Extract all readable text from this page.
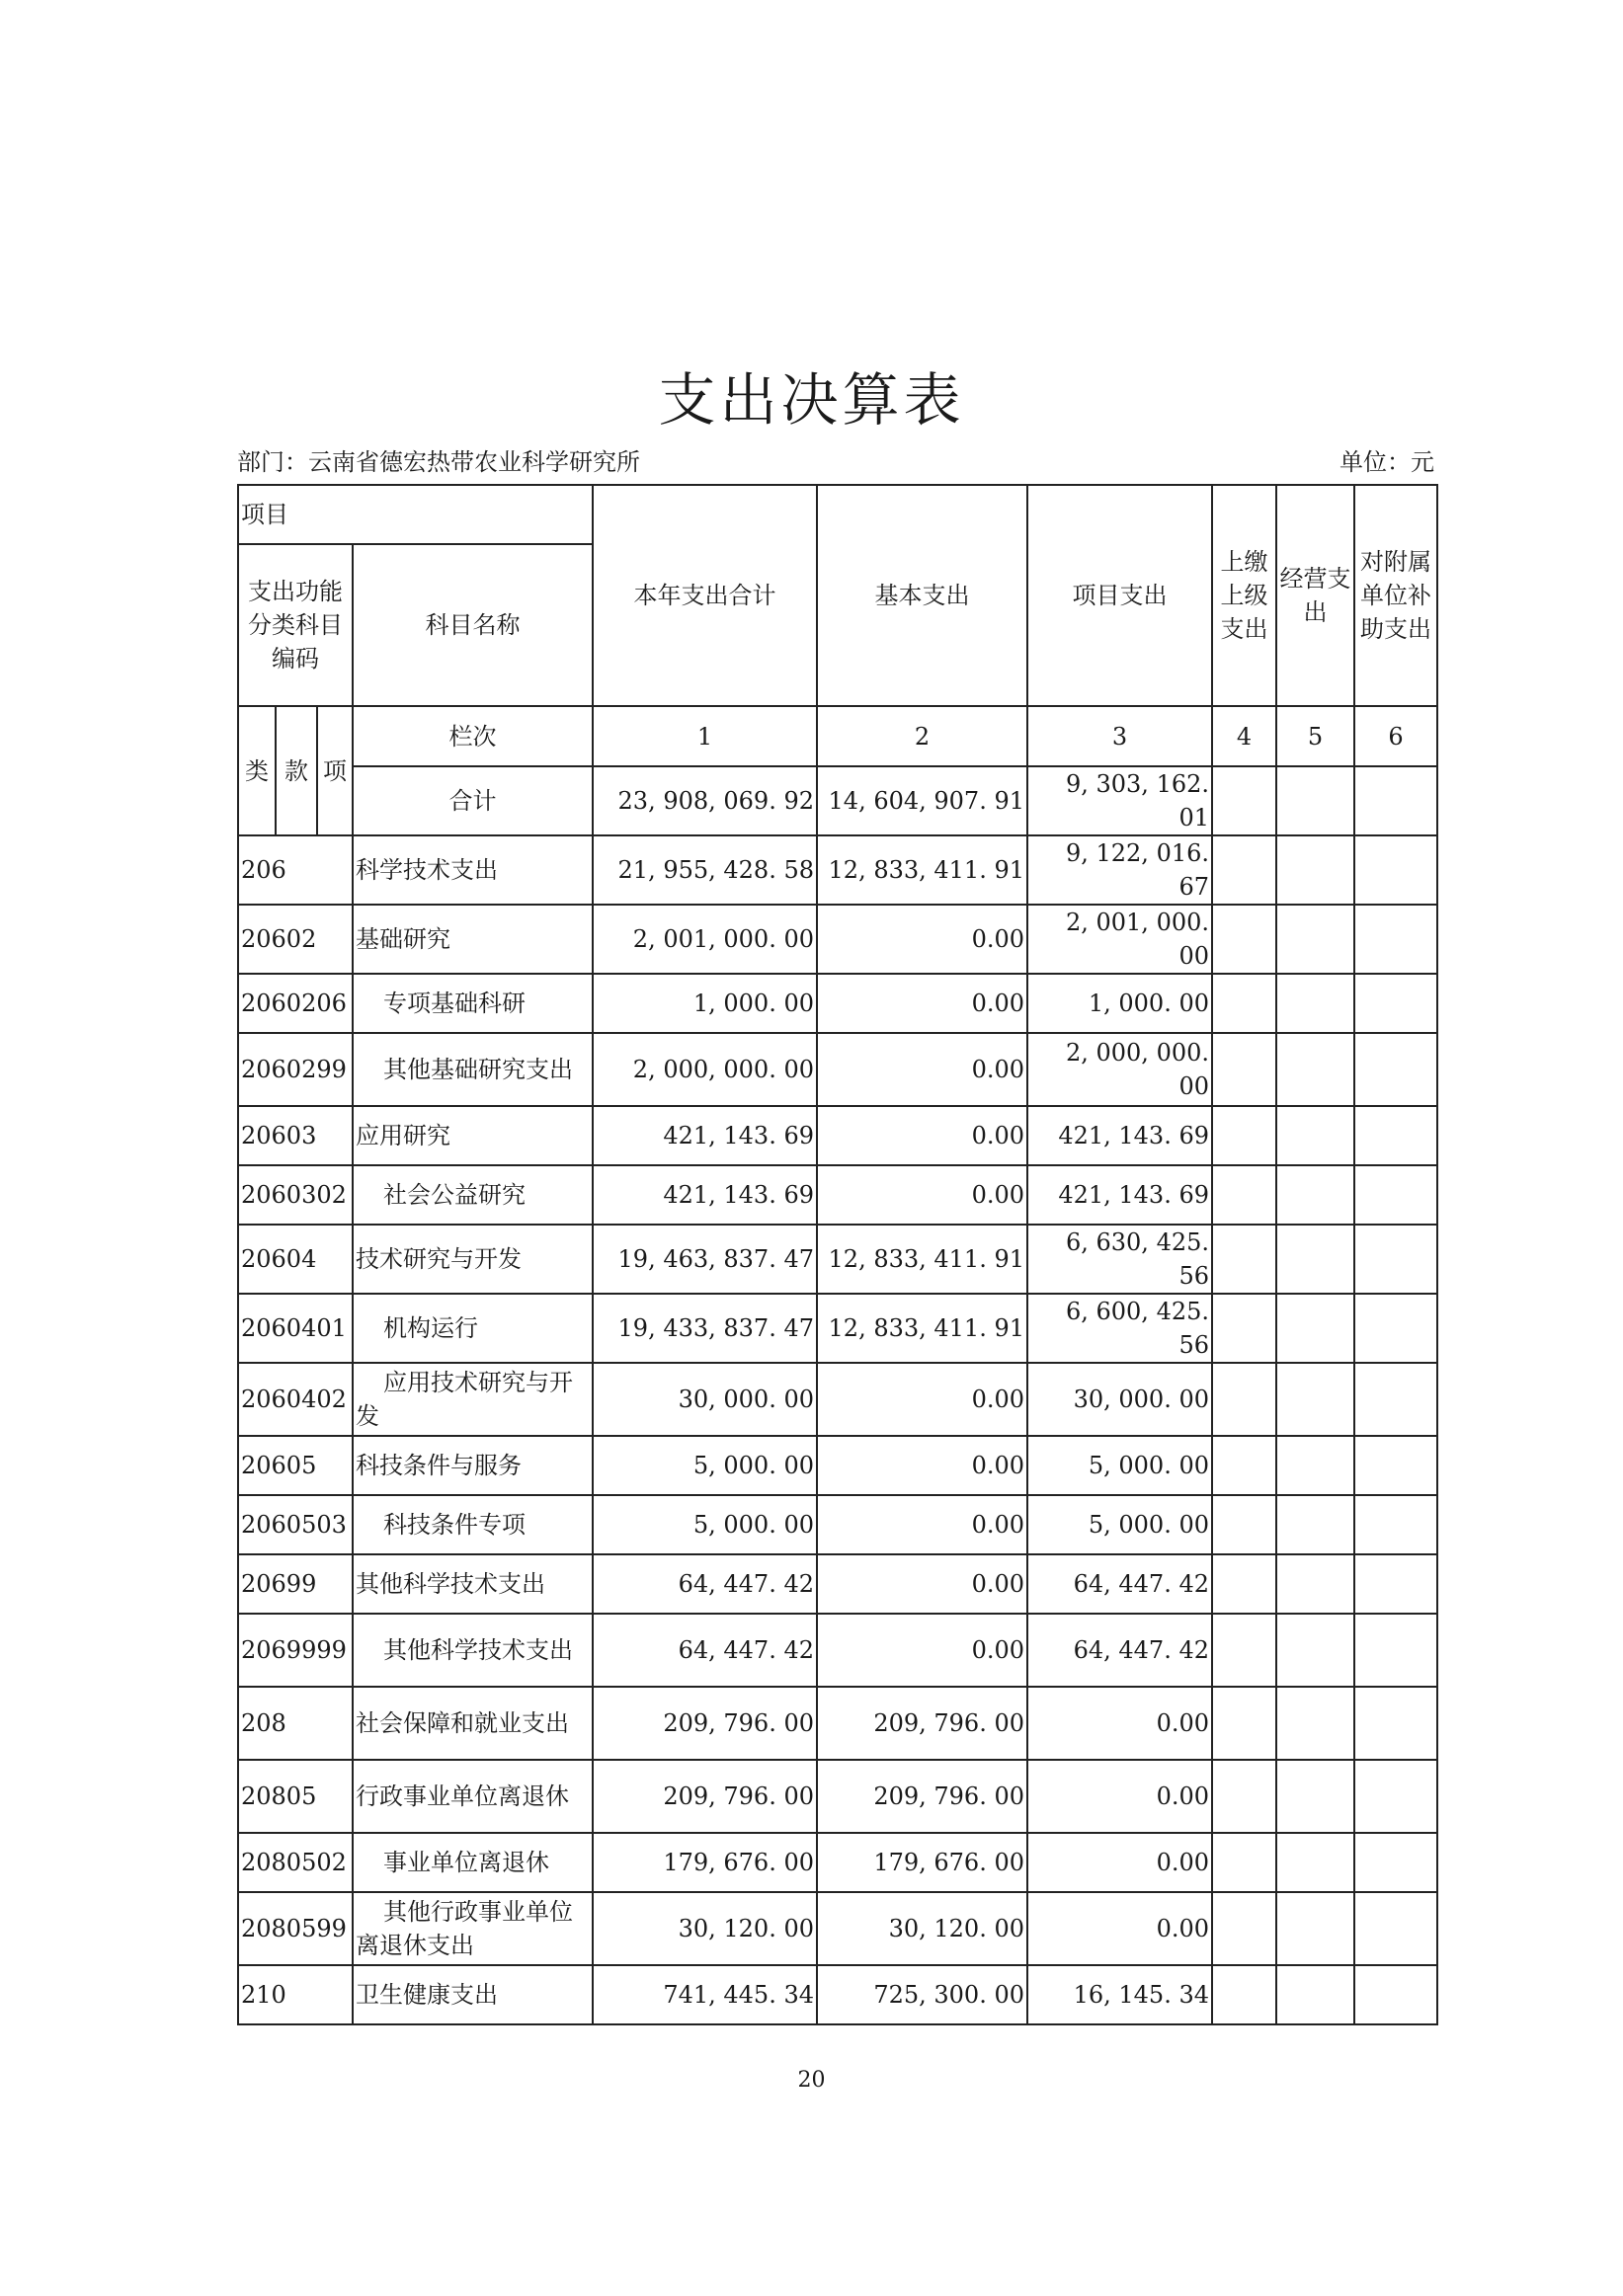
支出决算表
部门：云南省德宏热带农业科学研究所	单位：元
项目				本年支出合计	基本支出	项目支出	上缴上级支出	经营支出	对附属单位补助支出
支出功能分类科目编码			科目名称						
类	款	项	栏次	1	2	3	4	5	6
			合计	23, 908, 069. 92	14, 604, 907. 91	9, 303, 162. 01			
206			科学技术支出	21, 955, 428. 58	12, 833, 411. 91	9, 122, 016. 67			
20602			基础研究	2, 001, 000. 00	0.00	2, 001, 000. 00			
2060206			专项基础科研	1, 000. 00	0.00	1, 000. 00			
2060299			其他基础研究支出	2, 000, 000. 00	0.00	2, 000, 000. 00			
20603			应用研究	421, 143. 69	0.00	421, 143. 69			
2060302			社会公益研究	421, 143. 69	0.00	421, 143. 69			
20604			技术研究与开发	19, 463, 837. 47	12, 833, 411. 91	6, 630, 425. 56			
2060401			机构运行	19, 433, 837. 47	12, 833, 411. 91	6, 600, 425. 56			
2060402			应用技术研究与开发	30, 000. 00	0.00	30, 000. 00			
20605			科技条件与服务	5, 000. 00	0.00	5, 000. 00			
2060503			科技条件专项	5, 000. 00	0.00	5, 000. 00			
20699			其他科学技术支出	64, 447. 42	0.00	64, 447. 42			
2069999			其他科学技术支出	64, 447. 42	0.00	64, 447. 42			
208			社会保障和就业支出	209, 796. 00	209, 796. 00	0.00			
20805			行政事业单位离退休	209, 796. 00	209, 796. 00	0.00			
2080502			事业单位离退休	179, 676. 00	179, 676. 00	0.00			
2080599			其他行政事业单位离退休支出	30, 120. 00	30, 120. 00	0.00			
210			卫生健康支出	741, 445. 34	725, 300. 00	16, 145. 34			
20
